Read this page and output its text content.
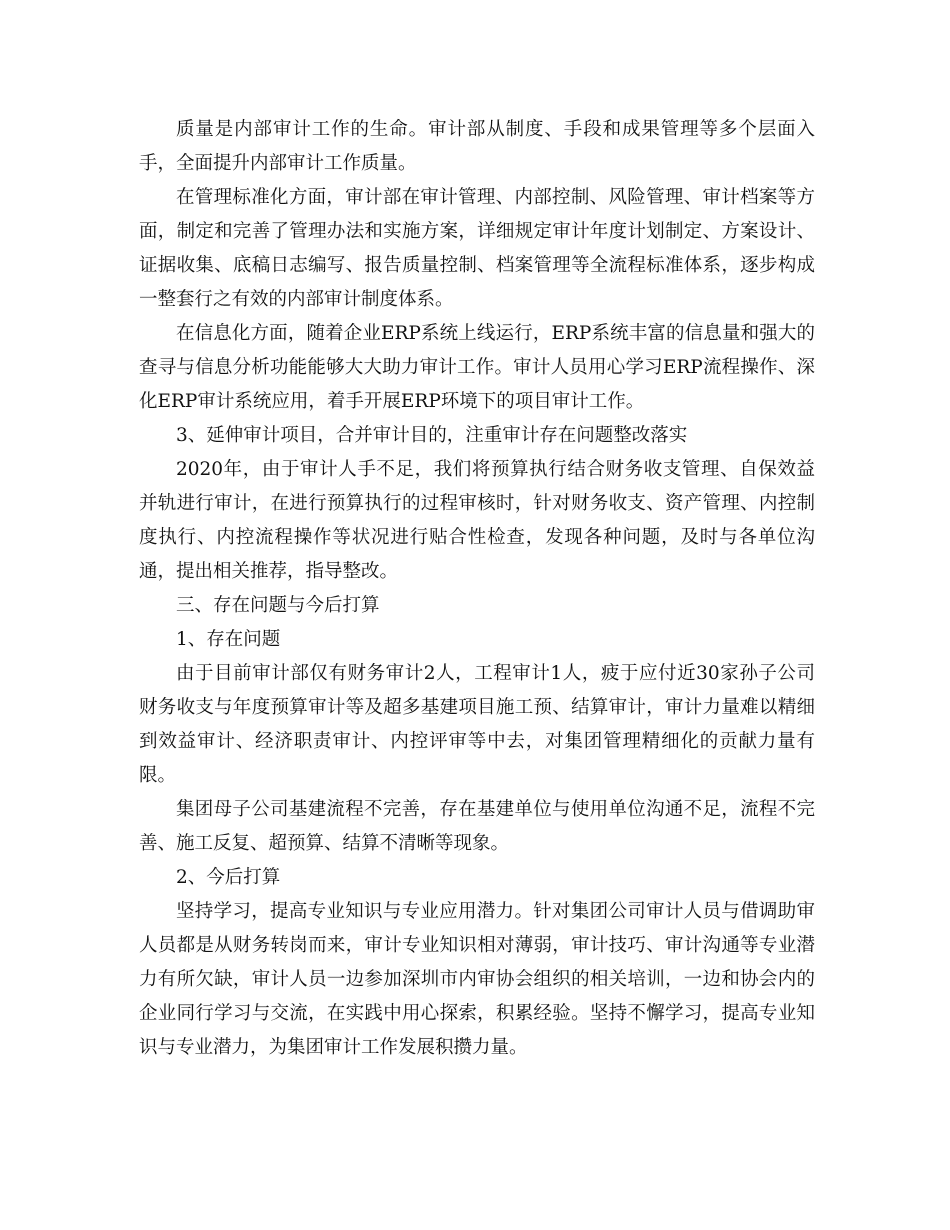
质量是内部审计工作的生命。审计部从制度、手段和成果管理等多个层面入手，全面提升内部审计工作质量。

在管理标准化方面，审计部在审计管理、内部控制、风险管理、审计档案等方面，制定和完善了管理办法和实施方案，详细规定审计年度计划制定、方案设计、证据收集、底稿日志编写、报告质量控制、档案管理等全流程标准体系，逐步构成一整套行之有效的内部审计制度体系。

在信息化方面，随着企业ERP系统上线运行，ERP系统丰富的信息量和强大的查寻与信息分析功能能够大大助力审计工作。审计人员用心学习ERP流程操作、深化ERP审计系统应用，着手开展ERP环境下的项目审计工作。

3、延伸审计项目，合并审计目的，注重审计存在问题整改落实

2020年，由于审计人手不足，我们将预算执行结合财务收支管理、自保效益并轨进行审计，在进行预算执行的过程审核时，针对财务收支、资产管理、内控制度执行、内控流程操作等状况进行贴合性检查，发现各种问题，及时与各单位沟通，提出相关推荐，指导整改。

三、存在问题与今后打算

1、存在问题

由于目前审计部仅有财务审计2人，工程审计1人，疲于应付近30家孙子公司财务收支与年度预算审计等及超多基建项目施工预、结算审计，审计力量难以精细到效益审计、经济职责审计、内控评审等中去，对集团管理精细化的贡献力量有限。

集团母子公司基建流程不完善，存在基建单位与使用单位沟通不足，流程不完善、施工反复、超预算、结算不清晰等现象。

2、今后打算

坚持学习，提高专业知识与专业应用潜力。针对集团公司审计人员与借调助审人员都是从财务转岗而来，审计专业知识相对薄弱，审计技巧、审计沟通等专业潜力有所欠缺，审计人员一边参加深圳市内审协会组织的相关培训，一边和协会内的企业同行学习与交流，在实践中用心探索，积累经验。坚持不懈学习，提高专业知识与专业潜力，为集团审计工作发展积攒力量。
